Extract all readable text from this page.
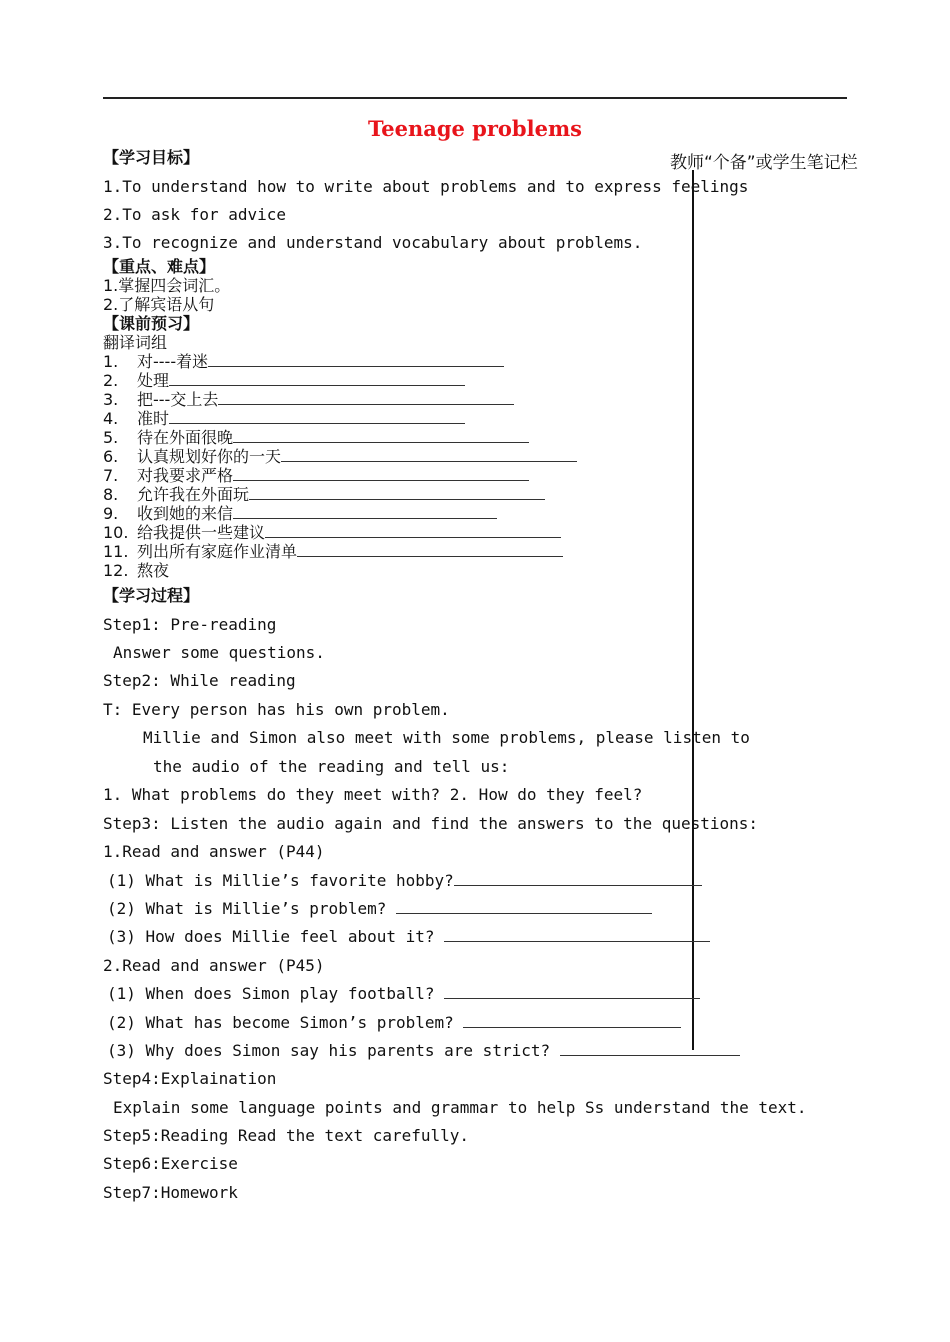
Teenage problems
教师“个备”或学生笔记栏
【学习目标】
1.To understand how to write about problems and to express feelings
2.To ask for advice
3.To recognize and understand vocabulary about problems.
【重点、难点】
1.掌握四会词汇。
2.了解宾语从句
【课前预习】
翻译词组
1. 对----着迷
2. 处理
3. 把---交上去
4. 准时
5. 待在外面很晚
6. 认真规划好你的一天
7. 对我要求严格
8. 允许我在外面玩
9. 收到她的来信
10. 给我提供一些建议
11. 列出所有家庭作业清单
12. 熬夜
【学习过程】
Step1: Pre-reading
Answer some questions.
Step2: While reading
T: Every person has his own problem.
Millie and Simon also meet with some problems, please listen to
the audio of the reading and tell us:
1. What problems do they meet with? 2. How do they feel?
Step3: Listen the audio again and find the answers to the questions:
1.Read and answer (P44)
(1) What is Millie’s favorite hobby?
(2) What is Millie’s problem?
(3) How does Millie feel about it?
2.Read and answer (P45)
(1) When does Simon play football?
(2) What has become Simon’s problem?
(3) Why does Simon say his parents are strict?
Step4:Explaination
Explain some language points and grammar to help Ss understand the text.
Step5:Reading Read the text carefully.
Step6:Exercise
Step7:Homework
